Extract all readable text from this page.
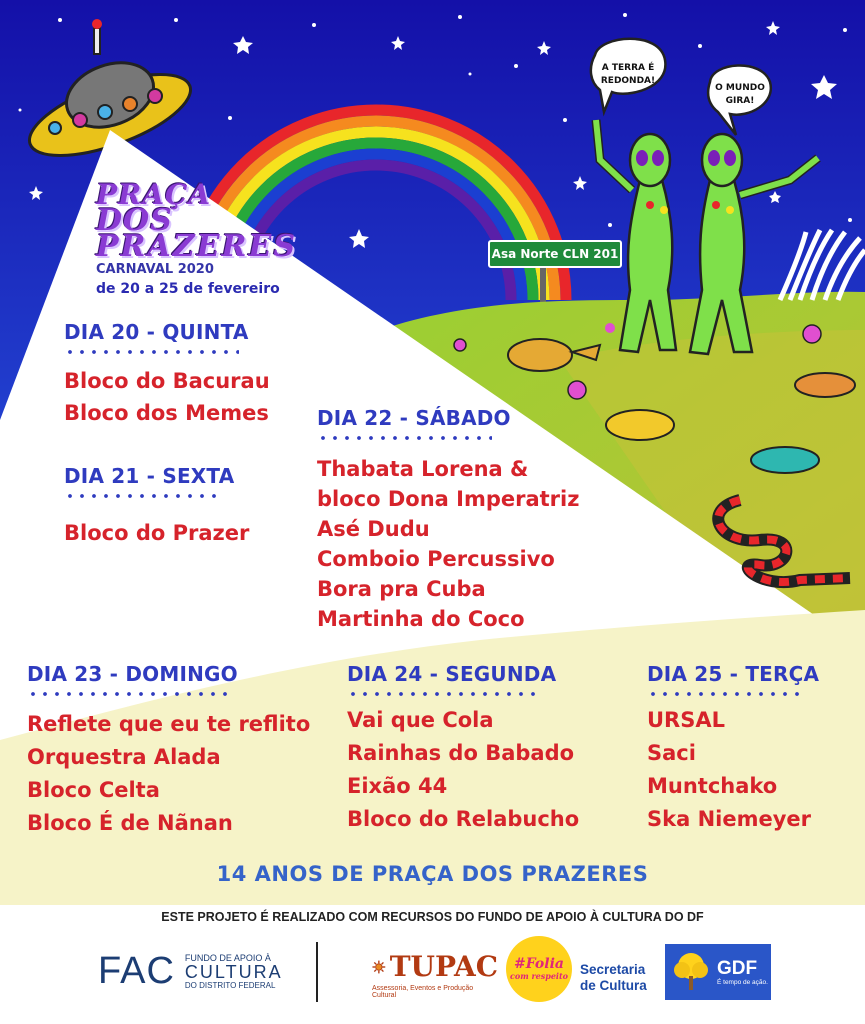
A TERRA É
REDONDA!
O MUNDO
GIRA!
Asa Norte CLN 201
PRAÇA
DOS
PRAZERES
CARNAVAL 2020
de 20 a 25 de fevereiro
DIA 20 - QUINTA
Bloco do Bacurau
Bloco dos Memes
DIA 21 - SEXTA
Bloco do Prazer
DIA 22 - SÁBADO
Thabata Lorena &
bloco Dona Imperatriz
Asé Dudu
Comboio Percussivo
Bora pra Cuba
Martinha do Coco
DIA 23 - DOMINGO
Reflete que eu te reflito
Orquestra Alada
Bloco Celta
Bloco É de Nãnan
DIA 24 - SEGUNDA
Vai que Cola
Rainhas do Babado
Eixão 44
Bloco do Relabucho
DIA 25 - TERÇA
URSAL
Saci
Muntchako
Ska Niemeyer
14 ANOS DE PRAÇA DOS PRAZERES
ESTE PROJETO É REALIZADO COM RECURSOS DO FUNDO DE APOIO À CULTURA DO DF
FAC FUNDO DE APOIO À
CULTURA
DO DISTRITO FEDERAL
TUPAC
Assessoria, Eventos e Produção Cultural
#Folia
com respeito Secretaria
de Cultura
GDF
É tempo de ação.
